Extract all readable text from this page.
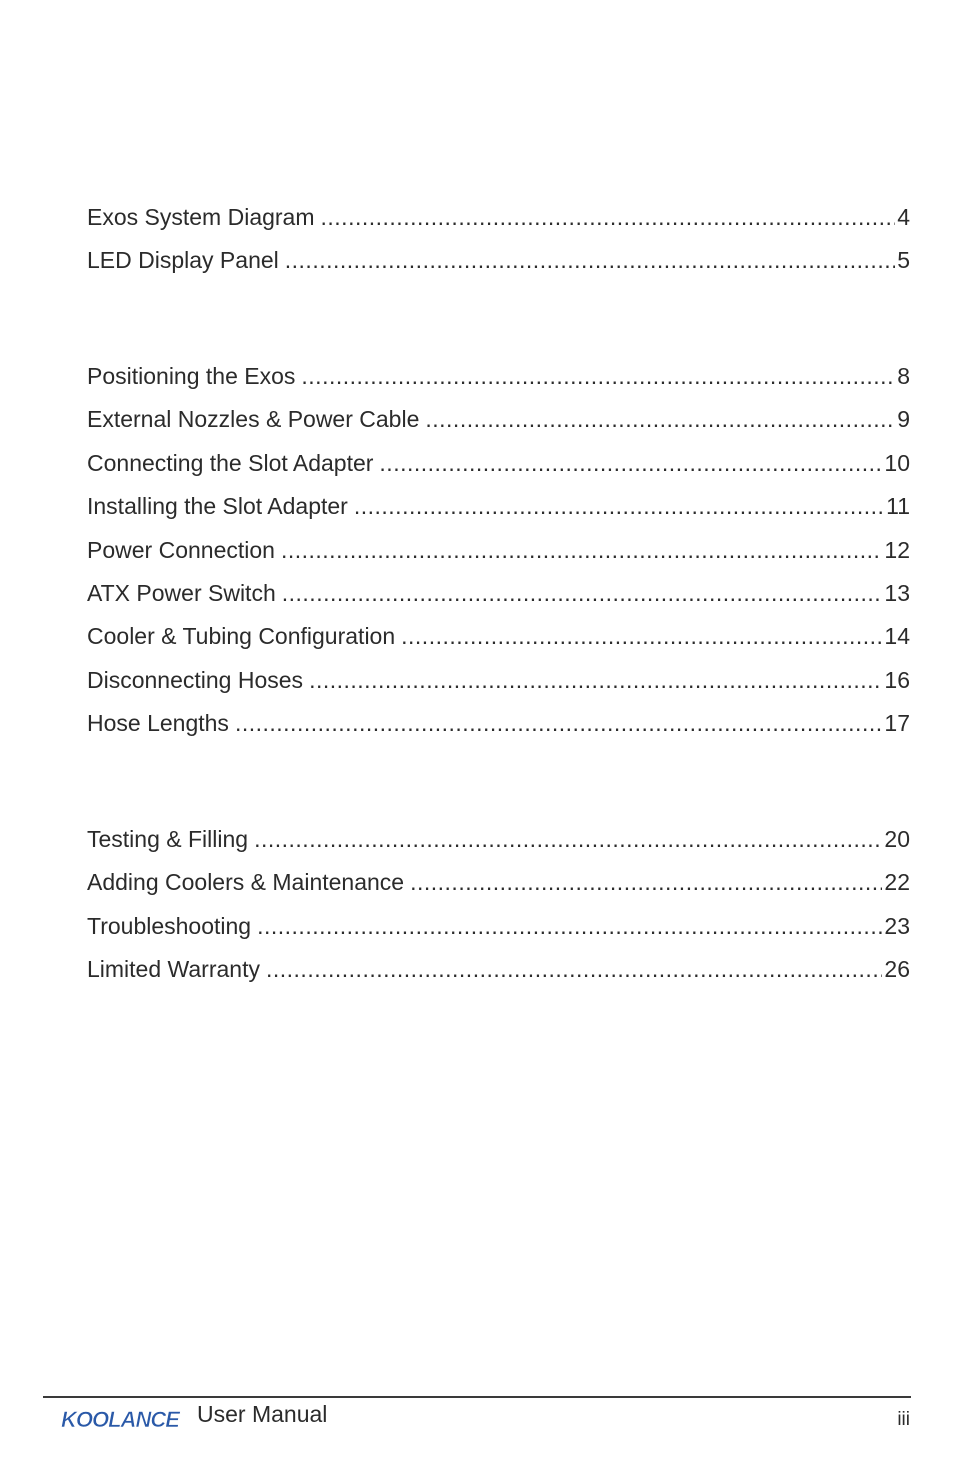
Exos System Diagram .....	4
LED Display Panel .....	5
Positioning the Exos .....	8
External Nozzles & Power Cable .....	9
Connecting the Slot Adapter .....	10
Installing the Slot Adapter .....	11
Power Connection .....	12
ATX Power Switch .....	13
Cooler & Tubing Configuration .....	14
Disconnecting Hoses .....	16
Hose Lengths .....	17
Testing & Filling .....	20
Adding Coolers & Maintenance .....	22
Troubleshooting .....	23
Limited Warranty .....	26
KOOLANCE User Manual	iii
